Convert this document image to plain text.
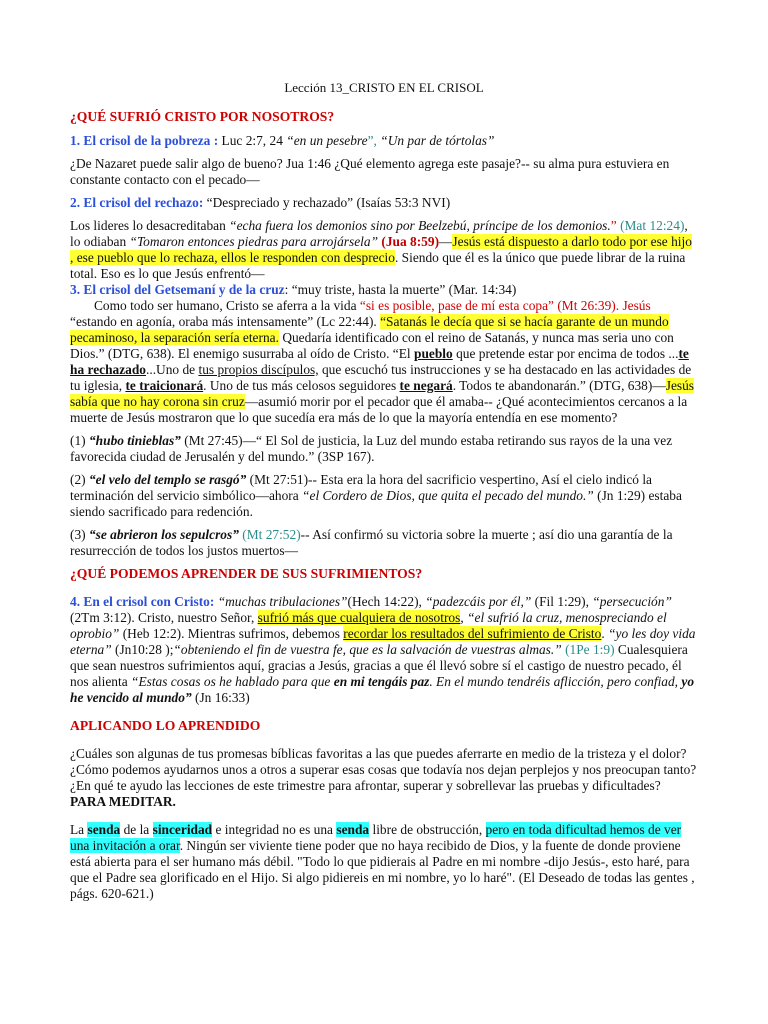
Lección 13_CRISTO EN EL CRISOL

¿QUÉ SUFRIÓ CRISTO POR NOSOTROS?

1. El crisol de la pobreza : Luc 2:7, 24 “en un pesebre”, “Un par de tórtolas”

¿De Nazaret puede salir algo de bueno? Jua 1:46 ¿Qué elemento agrega este pasaje?-- su alma pura estuviera en constante contacto con el pecado—

2. El crisol del rechazo: “Despreciado y rechazado” (Isaías 53:3 NVI)

Los lideres lo desacreditaban “echa fuera los demonios sino por Beelzebú, príncipe de los demonios.” (Mat 12:24), lo odiaban “Tomaron entonces piedras para arrojársela” (Jua 8:59)—Jesús está dispuesto a darlo todo por ese hijo , ese pueblo que lo rechaza, ellos le responden con desprecio. Siendo que él es la único que puede librar de la ruina total. Eso es lo que Jesús enfrentó—

3. El crisol del Getsemaní y de la cruz: “muy triste, hasta la muerte” (Mar. 14:34)

Como todo ser humano, Cristo se aferra a la vida “si es posible, pase de mí esta copa” (Mt 26:39). Jesús “estando en agonía, oraba más intensamente” (Lc 22:44). “Satanás le decía que si se hacía garante de un mundo pecaminoso, la separación sería eterna. Quedaría identificado con el reino de Satanás, y nunca mas seria uno con Dios.” (DTG, 638). El enemigo susurraba al oído de Cristo. “El pueblo que pretende estar por encima de todos ...te ha rechazado...Uno de tus propios discípulos, que escuchó tus instrucciones y se ha destacado en las actividades de tu iglesia, te traicionará. Uno de tus más celosos seguidores te negará. Todos te abandonarán.” (DTG, 638)—Jesús sabía que no hay corona sin cruz—asumió morir por el pecador que él amaba-- ¿Qué acontecimientos cercanos a la muerte de Jesús mostraron que lo que sucedía era más de lo que la mayoría entendía en ese momento?

(1) “hubo tinieblas” (Mt 27:45)—“ El Sol de justicia, la Luz del mundo estaba retirando sus rayos de la una vez favorecida ciudad de Jerusalén y del mundo.” (3SP 167).

(2) “el velo del templo se rasgó” (Mt 27:51)-- Esta era la hora del sacrificio vespertino, Así el cielo indicó la terminación del servicio simbólico—ahora “el Cordero de Dios, que quita el pecado del mundo.” (Jn 1:29) estaba siendo sacrificado para redención.

(3) “se abrieron los sepulcros” (Mt 27:52)-- Así confirmó su victoria sobre la muerte ; así dio una garantía de la resurrección de todos los justos muertos—

¿QUÉ PODEMOS APRENDER DE SUS SUFRIMIENTOS?

4. En el crisol con Cristo: “muchas tribulaciones”(Hech 14:22), “padezcáis por él,” (Fil 1:29), “persecución” (2Tm 3:12). Cristo, nuestro Señor, sufrió más que cualquiera de nosotros, “el sufrió la cruz, menospreciando el oprobio” (Heb 12:2). Mientras sufrimos, debemos recordar los resultados del sufrimiento de Cristo. “yo les doy vida eterna” (Jn10:28 );“obteniendo el fin de vuestra fe, que es la salvación de vuestras almas.” (1Pe 1:9) Cualesquiera que sean nuestros sufrimientos aquí, gracias a Jesús, gracias a que él llevó sobre sí el castigo de nuestro pecado, él nos alienta “Estas cosas os he hablado para que en mi tengáis paz. En el mundo tendréis aflicción, pero confiad, yo he vencido al mundo” (Jn 16:33)

APLICANDO LO APRENDIDO

¿Cuáles son algunas de tus promesas bíblicas favoritas a las que puedes aferrarte en medio de la tristeza y el dolor?

¿Cómo podemos ayudarnos unos a otros a superar esas cosas que todavía nos dejan perplejos y nos preocupan tanto?

¿En qué te ayudo las lecciones de este trimestre para afrontar, superar y sobrellevar las pruebas y dificultades?

PARA MEDITAR.

La senda de la sinceridad e integridad no es una senda libre de obstrucción, pero en toda dificultad hemos de ver una invitación a orar. Ningún ser viviente tiene poder que no haya recibido de Dios, y la fuente de donde proviene está abierta para el ser humano más débil. "Todo lo que pidierais al Padre en mi nombre -dijo Jesús-, esto haré, para que el Padre sea glorificado en el Hijo. Si algo pidiereis en mi nombre, yo lo haré". (El Deseado de todas las gentes , págs. 620-621.)
